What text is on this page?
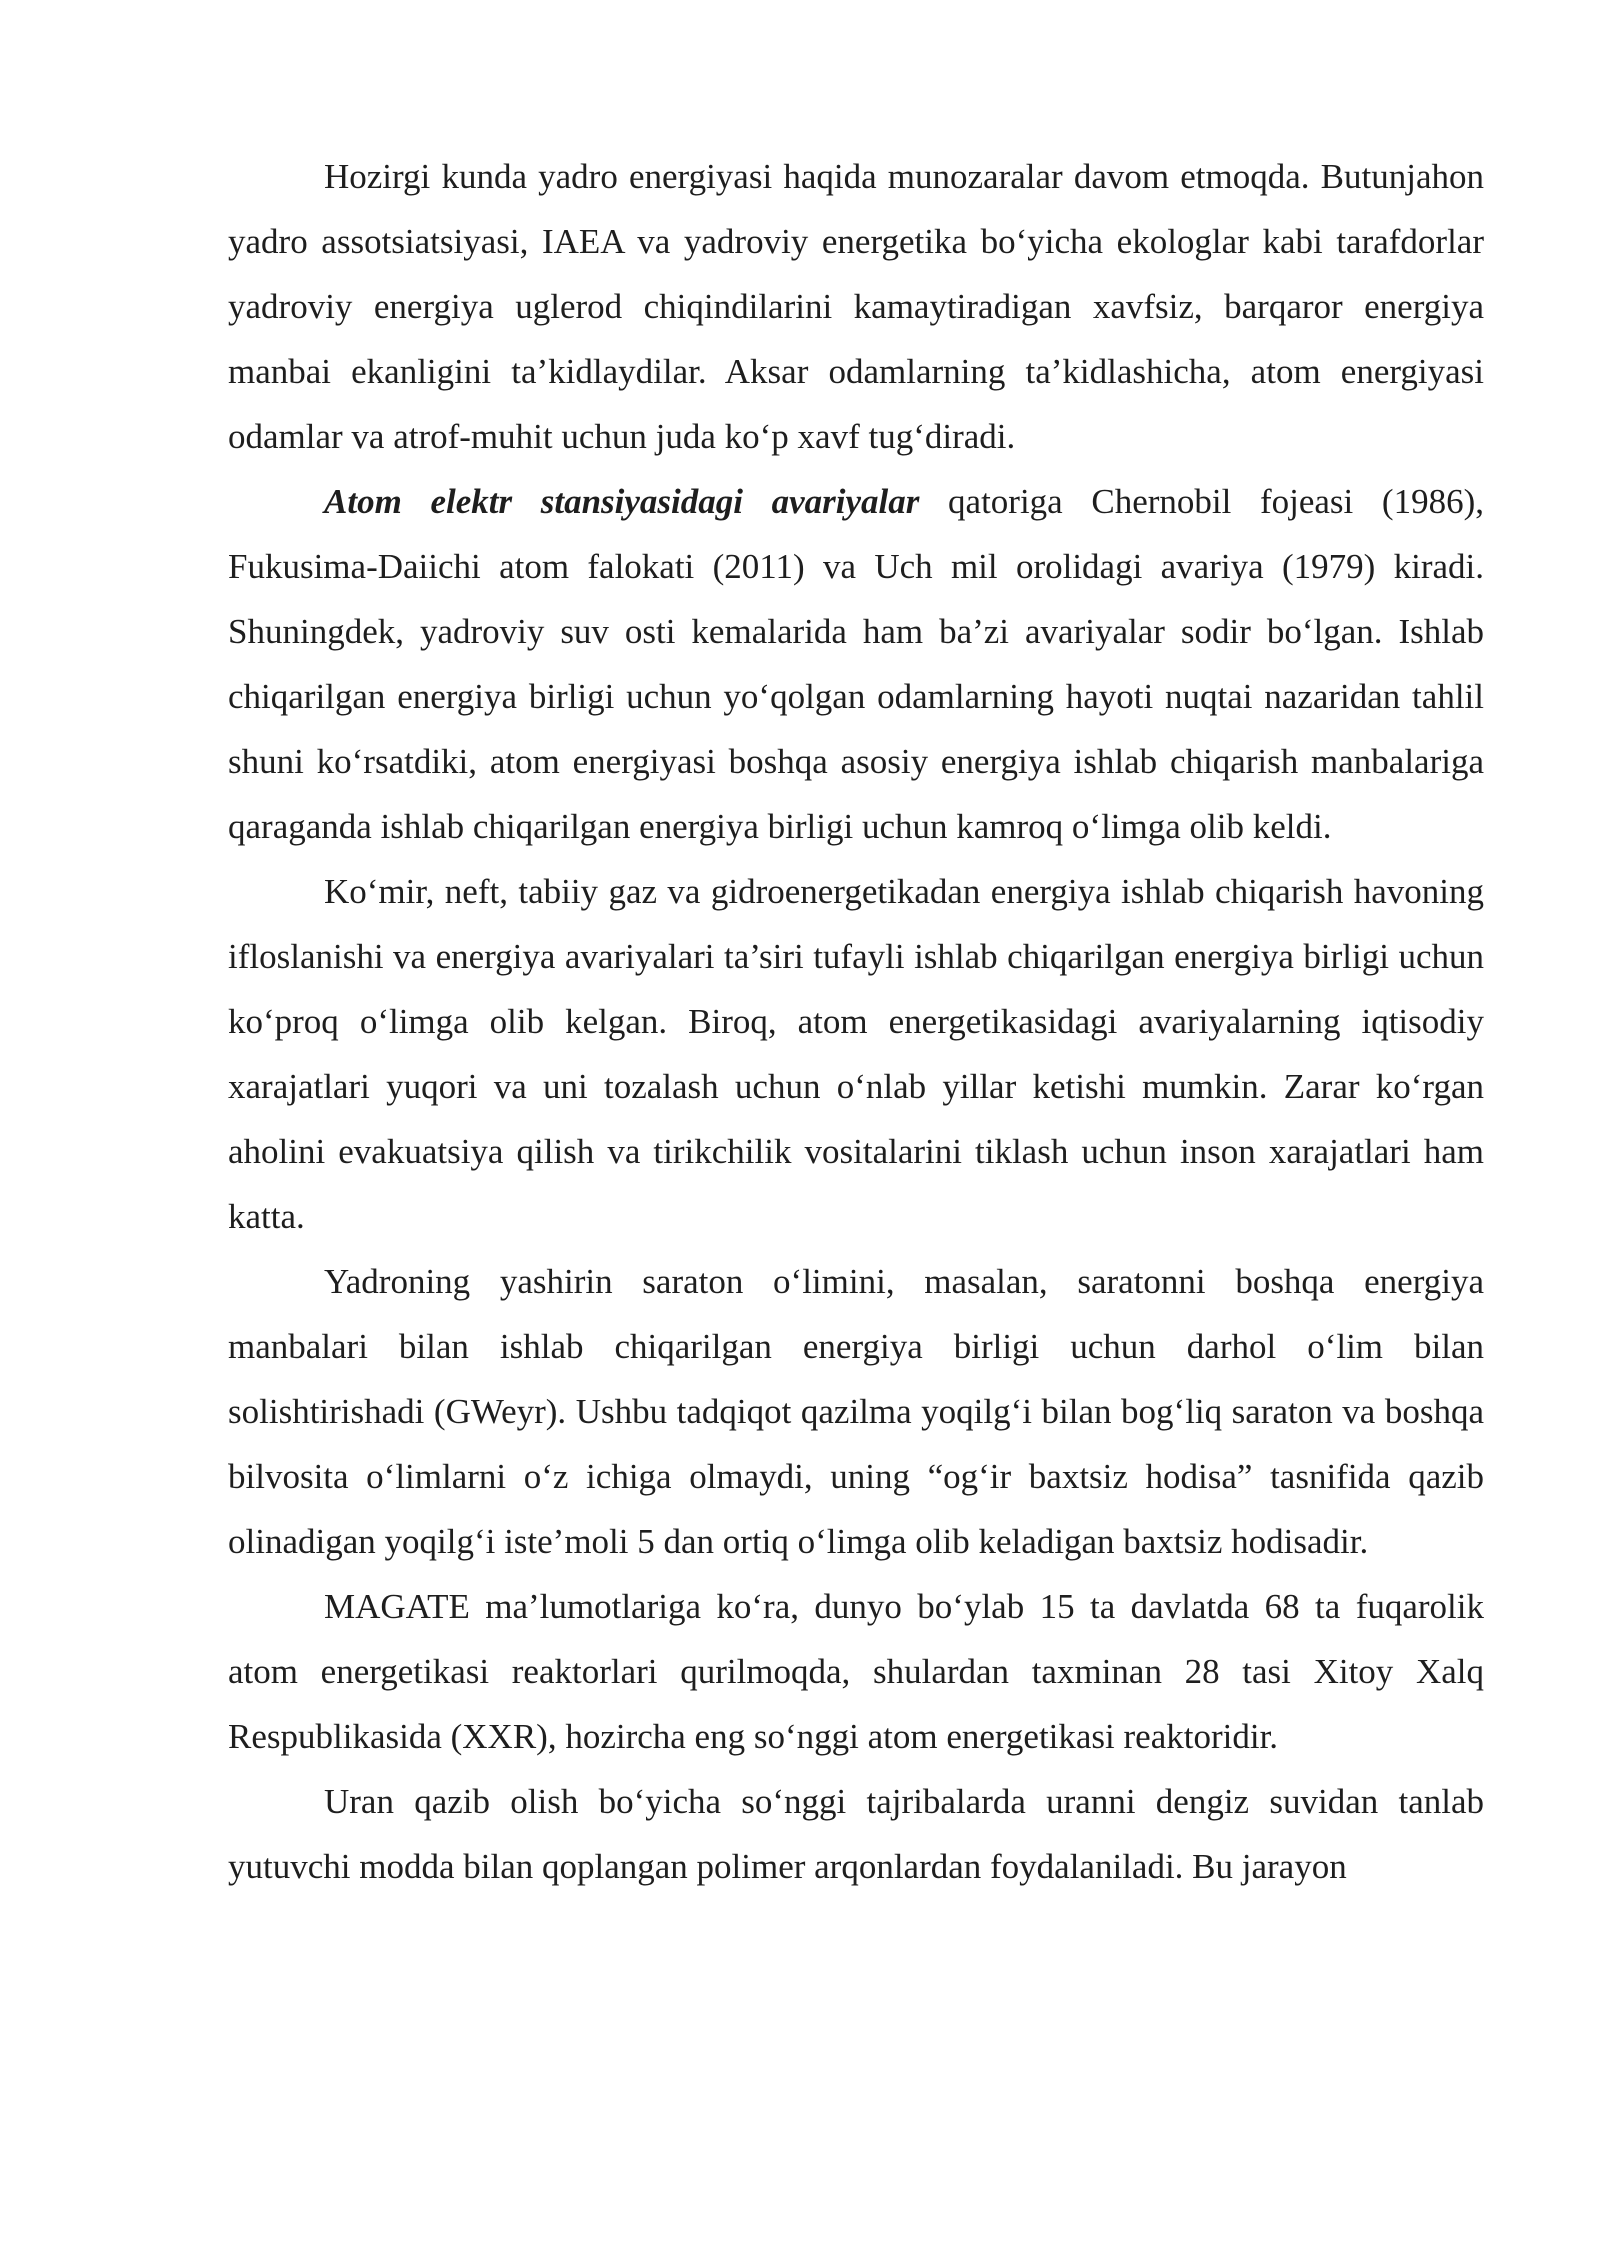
Hozirgi kunda yadro energiyasi haqida munozaralar davom etmoqda. Butunjahon yadro assotsiatsiyasi, IAEA va yadroviy energetika bo‘yicha ekologlar kabi tarafdorlar yadroviy energiya uglerod chiqindilarini kamaytiradigan xavfsiz, barqaror energiya manbai ekanligini ta’kidlaydilar. Aksar odamlarning ta’kidlashicha, atom energiyasi odamlar va atrof-muhit uchun juda ko‘p xavf tug‘diradi.

Atom elektr stansiyasidagi avariyalar qatoriga Chernobil fojeasi (1986), Fukusima-Daiichi atom falokati (2011) va Uch mil orolidagi avariya (1979) kiradi. Shuningdek, yadroviy suv osti kemalarida ham ba’zi avariyalar sodir bo‘lgan. Ishlab chiqarilgan energiya birligi uchun yo‘qolgan odamlarning hayoti nuqtai nazaridan tahlil shuni ko‘rsatdiki, atom energiyasi boshqa asosiy energiya ishlab chiqarish manbalariga qaraganda ishlab chiqarilgan energiya birligi uchun kamroq o‘limga olib keldi.

Ko‘mir, neft, tabiiy gaz va gidroenergetikadan energiya ishlab chiqarish havoning ifloslanishi va energiya avariyalari ta’siri tufayli ishlab chiqarilgan energiya birligi uchun ko‘proq o‘limga olib kelgan. Biroq, atom energetikasidagi avariyalarning iqtisodiy xarajatlari yuqori va uni tozalash uchun o‘nlab yillar ketishi mumkin. Zarar ko‘rgan aholini evakuatsiya qilish va tirikchilik vositalarini tiklash uchun inson xarajatlari ham katta.

Yadroning yashirin saraton o‘limini, masalan, saratonni boshqa energiya manbalari bilan ishlab chiqarilgan energiya birligi uchun darhol o‘lim bilan solishtirishadi (GWeyr). Ushbu tadqiqot qazilma yoqilg‘i bilan bog‘liq saraton va boshqa bilvosita o‘limlarni o‘z ichiga olmaydi, uning “og‘ir baxtsiz hodisa” tasnifida qazib olinadigan yoqilg‘i iste’moli 5 dan ortiq o‘limga olib keladigan baxtsiz hodisadir.

MAGATE ma’lumotlariga ko‘ra, dunyo bo‘ylab 15 ta davlatda 68 ta fuqarolik atom energetikasi reaktorlari qurilmoqda, shulardan taxminan 28 tasi Xitoy Xalq Respublikasida (XXR), hozircha eng so‘nggi atom energetikasi reaktoridir.

Uran qazib olish bo‘yicha so‘nggi tajribalarda uranni dengiz suvidan tanlab yutuvchi modda bilan qoplangan polimer arqonlardan foydalaniladi. Bu jarayon
